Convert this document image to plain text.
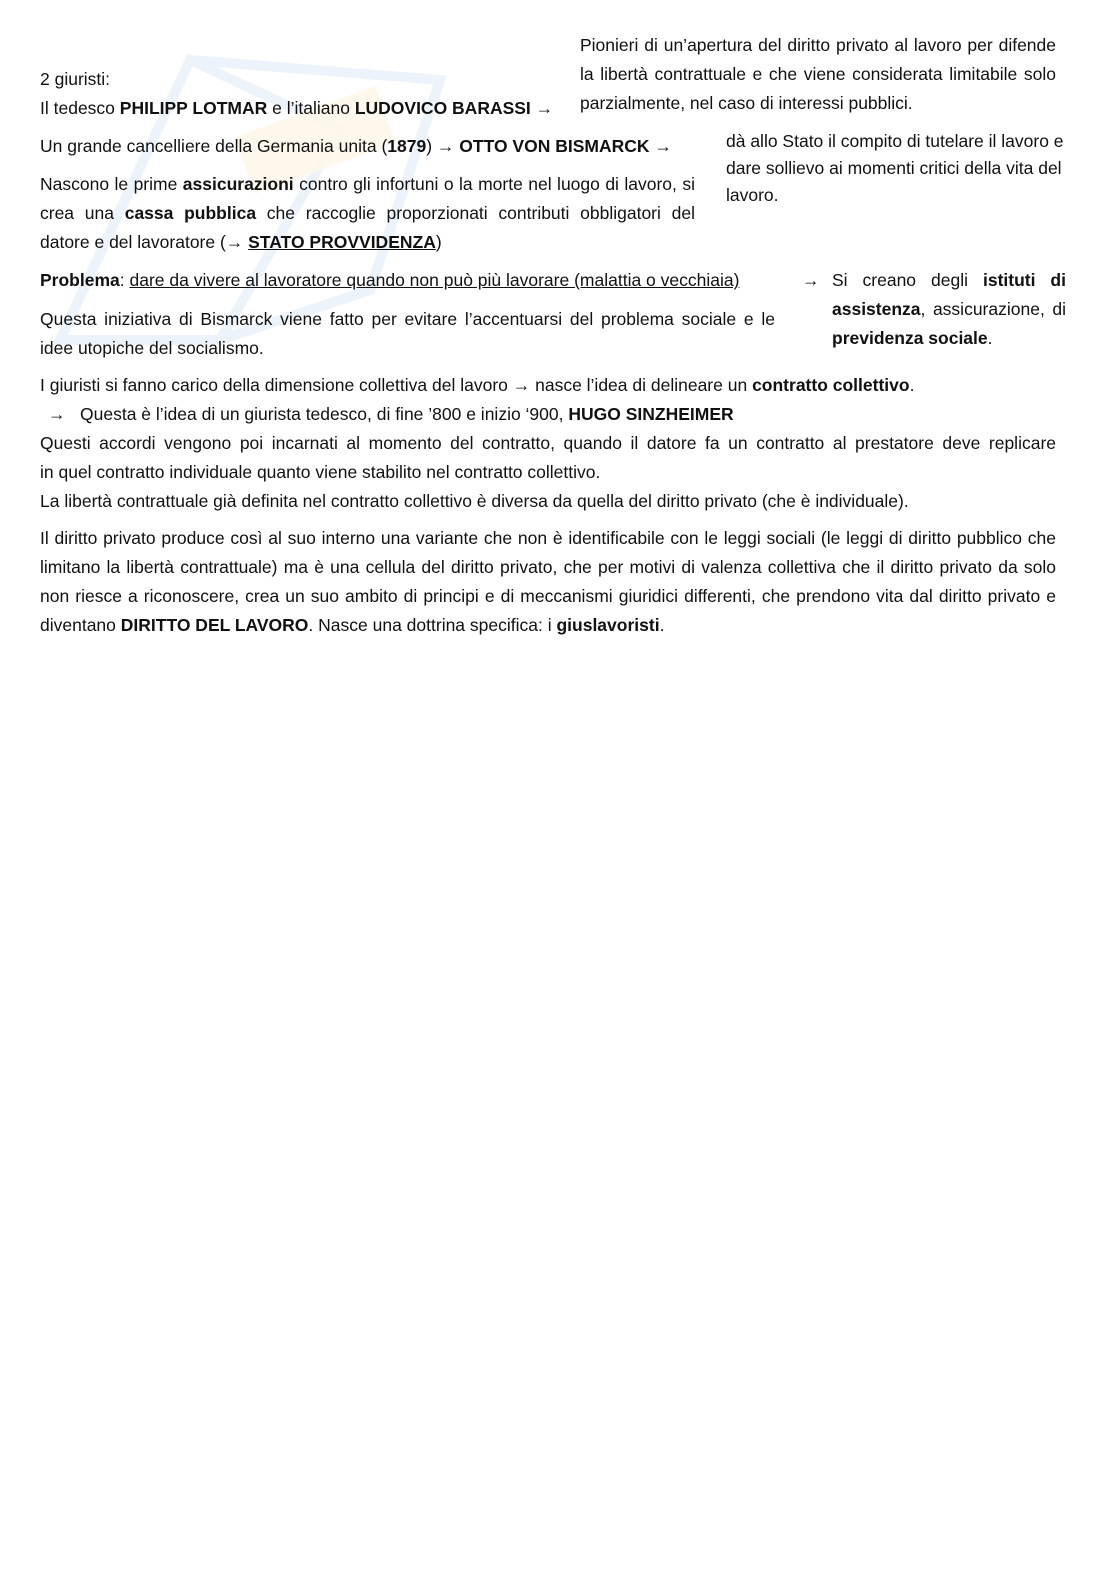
Pionieri di un’apertura del diritto privato al lavoro per difende la libertà contrattuale e che viene considerata limitabile solo parzialmente, nel caso di interessi pubblici.

2 giuristi:
Il tedesco PHILIPP LOTMAR e l’italiano LUDOVICO BARASSI →

Un grande cancelliere della Germania unita (1879) → OTTO VON BISMARCK →	dà allo Stato il compito di tutelare il lavoro e dare sollievo ai momenti critici della vita del lavoro.

Nascono le prime assicurazioni contro gli infortuni o la morte nel luogo di lavoro, si crea una cassa pubblica che raccoglie proporzionati contributi obbligatori del datore e del lavoratore (→ STATO PROVVIDENZA)

Problema: dare da vivere al lavoratore quando non può più lavorare (malattia o vecchiaia)	→ Si creano degli istituti di assistenza, assicurazione, di previdenza sociale.

Questa iniziativa di Bismarck viene fatto per evitare l’accentuarsi del problema sociale e le idee utopiche del socialismo.

I giuristi si fanno carico della dimensione collettiva del lavoro → nasce l’idea di delineare un contratto collettivo.

→ Questa è l’idea di un giurista tedesco, di fine ’800 e inizio ‘900, HUGO SINZHEIMER

Questi accordi vengono poi incarnati al momento del contratto, quando il datore fa un contratto al prestatore deve replicare

in quel contratto individuale quanto viene stabilito nel contratto collettivo.

La libertà contrattuale già definita nel contratto collettivo è diversa da quella del diritto privato (che è individuale).

Il diritto privato produce così al suo interno una variante che non è identificabile con le leggi sociali (le leggi di diritto pubblico che limitano la libertà contrattuale) ma è una cellula del diritto privato, che per motivi di valenza collettiva che il diritto privato da solo non riesce a riconoscere, crea un suo ambito di principi e di meccanismi giuridici differenti, che prendono vita dal diritto privato e diventano DIRITTO DEL LAVORO. Nasce una dottrina specifica: i giuslavoristi.
